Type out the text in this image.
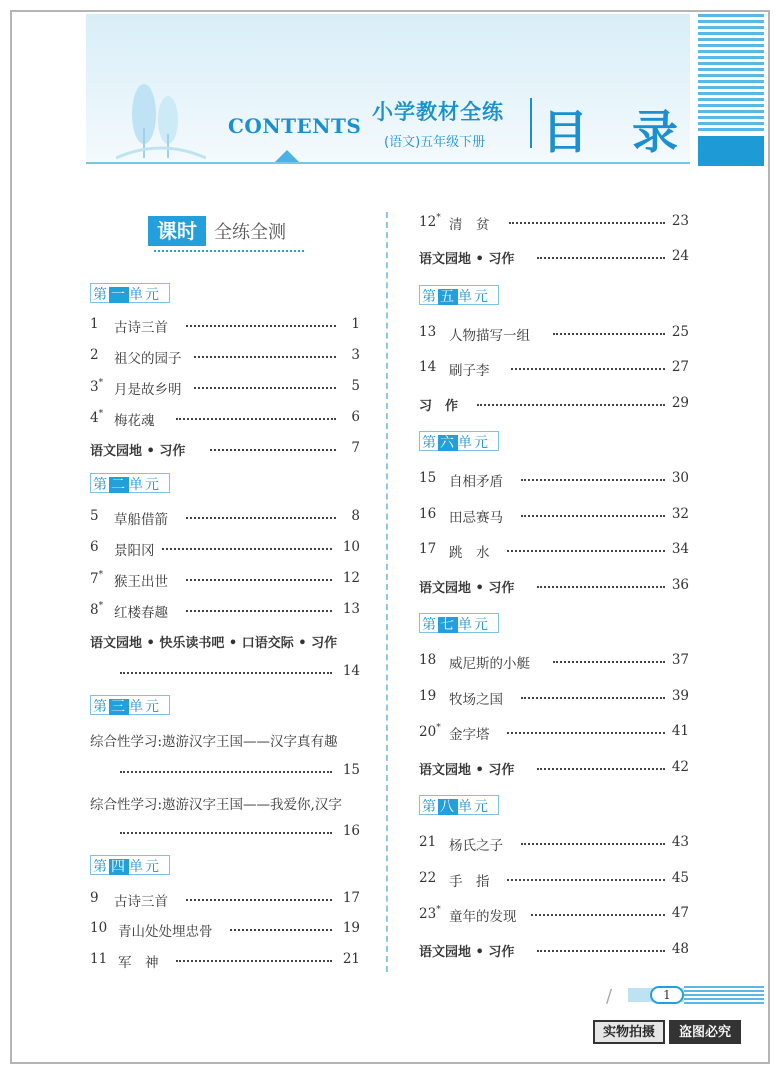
CONTENTS
小学教材全练
(语文)五年级下册 目 录
课时 全练全测
第 一 单元
第 二 单元
第 三 单元
第 四 单元
第 五 单元
第 六 单元
第 七 单元
第 八 单元
1 古诗三首	1
2 祖父的园子	3
3* 月是故乡明	5
4* 梅花魂	6
语文园地 • 习作	7
5 草船借箭	8
6 景阳冈	10
7* 猴王出世	12
8* 红楼春趣	13
语文园地 • 快乐读书吧 • 口语交际 • 习作
14
综合性学习:遨游汉字王国——汉字真有趣
15
综合性学习:遨游汉字王国——我爱你,汉字
16
9 古诗三首	17
10 青山处处埋忠骨	19
11 军　神	21
12* 清　贫	23
语文园地 • 习作	24
13 人物描写一组	25
14 刷子李	27
习　作	29
15 自相矛盾	30
16 田忌赛马	32
17 跳　水	34
语文园地 • 习作	36
18 威尼斯的小艇	37
19 牧场之国	39
20* 金字塔	41
语文园地 • 习作	42
21 杨氏之子	43
22 手　指	45
23* 童年的发现	47
语文园地 • 习作	48
/	1
实物拍摄	盗图必究
